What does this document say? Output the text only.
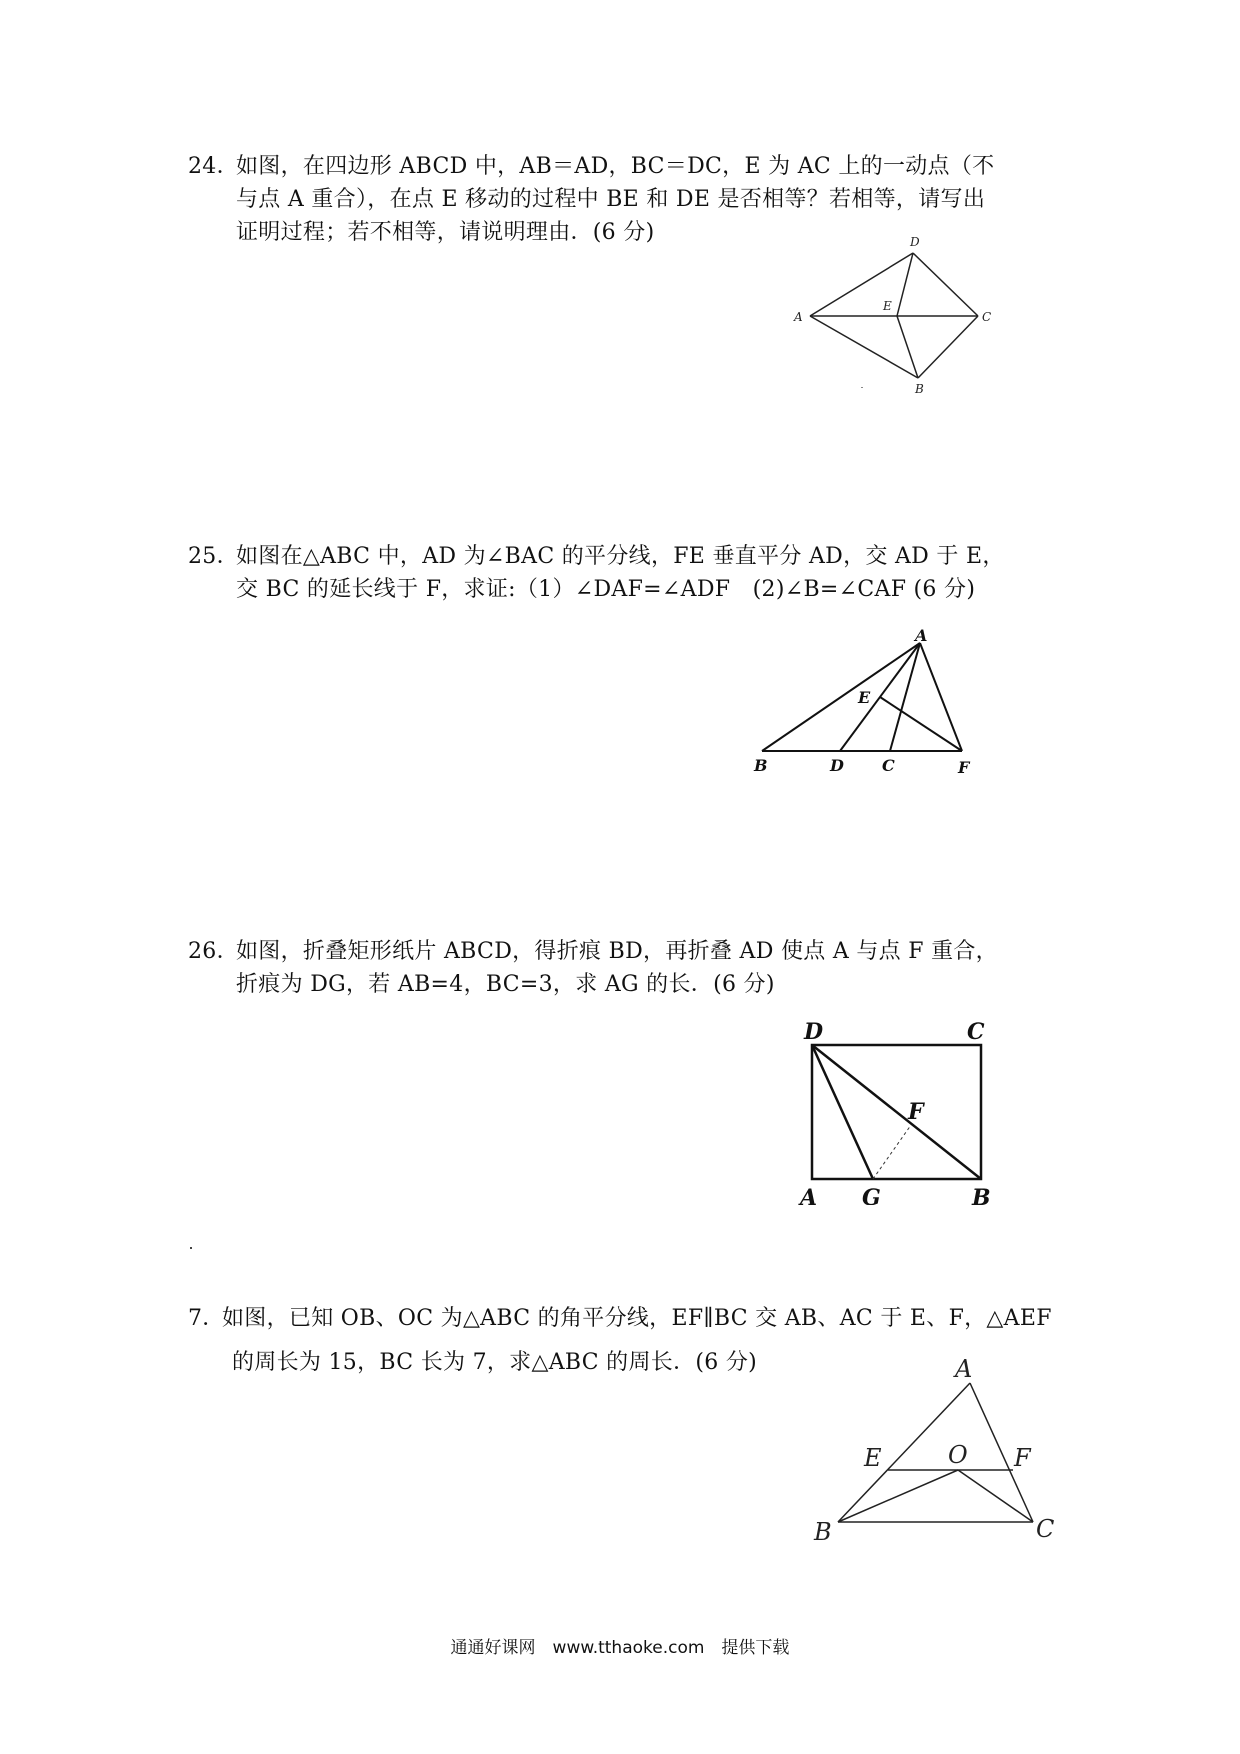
24．如图，在四边形 ABCD 中，AB＝AD，BC＝DC，E 为 AC 上的一动点（不
与点 A 重合），在点 E 移动的过程中 BE 和 DE 是否相等？若相等，请写出
证明过程；若不相等，请说明理由．(6 分)
A
D
E
C
B
25．如图在△ABC 中，AD 为∠BAC 的平分线，FE 垂直平分 AD，交 AD 于 E，
交 BC 的延长线于 F，求证:（1）∠DAF=∠ADF　(2)∠B=∠CAF (6 分)
A
E
B	D C	F
26．如图，折叠矩形纸片 ABCD，得折痕 BD，再折叠 AD 使点 A 与点 F 重合，
折痕为 DG，若 AB=4，BC=3，求 AG 的长．(6 分)
D	C
F
A G	B
7．如图，已知 OB、OC 为△ABC 的角平分线，EF∥BC 交 AB、AC 于 E、F，△AEF
的周长为 15，BC 长为 7，求△ABC 的周长．(6 分)	A
E	O F
B	C
通通好课网　www.tthaoke.com　提供下载
